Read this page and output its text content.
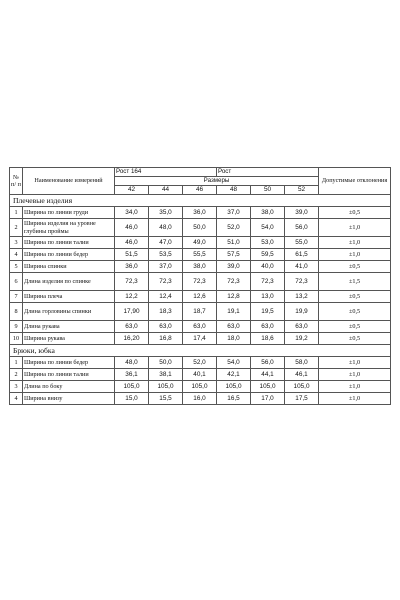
№ п/ п	Наименование измерений	Рост 164			Рост			Допустимые отклонения
		Размеры						
		42	44	46	48	50	52	
Плечевые изделия								
1	Ширина по линии груди	34,0	35,0	36,0	37,0	38,0	39,0	±0,5
2	Ширина изделия на уровне глубины проймы	46,0	48,0	50,0	52,0	54,0	56,0	±1,0
3	Ширина по линии талии	46,0	47,0	49,0	51,0	53,0	55,0	±1,0
4	Ширина по линии бедер	51,5	53,5	55,5	57,5	59,5	61,5	±1,0
5	Ширина спинки	36,0	37,0	38,0	39,0	40,0	41,0	±0,5
6	Длина изделия по спинке	72,3	72,3	72,3	72,3	72,3	72,3	±1,5
7	Ширина плеча	12,2	12,4	12,6	12,8	13,0	13,2	±0,5
8	Длина горловины спинки	17,90	18,3	18,7	19,1	19,5	19,9	±0,5
9	Длина рукава	63,0	63,0	63,0	63,0	63,0	63,0	±0,5
10	Ширина рукава	16,20	16,8	17,4	18,0	18,6	19,2	±0,5
Брюки, юбка								
1	Ширина по линии бедер	48,0	50,0	52,0	54,0	56,0	58,0	±1,0
2	Ширина по линии талии	36,1	38,1	40,1	42,1	44,1	46,1	±1,0
3	Длина по боку	105,0	105,0	105,0	105,0	105,0	105,0	±1,0
4	Ширина внизу	15,0	15,5	16,0	16,5	17,0	17,5	±1,0
